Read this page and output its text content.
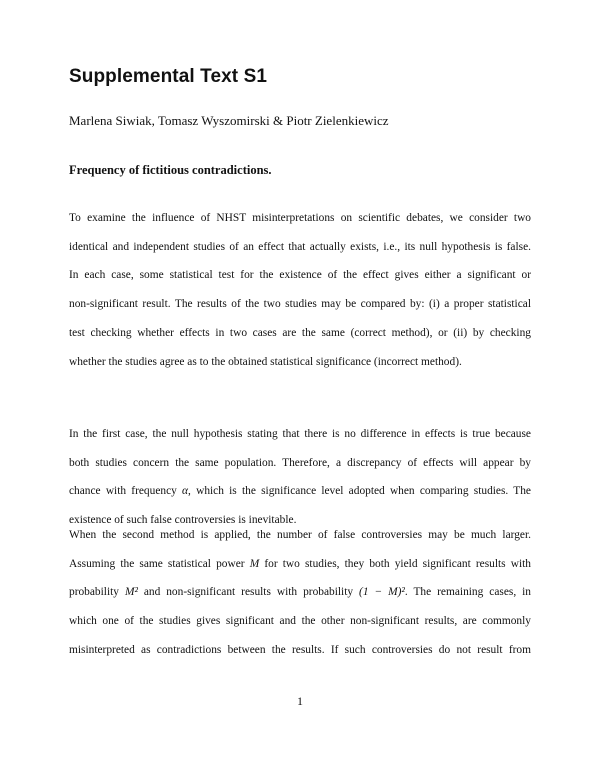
Supplemental Text S1
Marlena Siwiak, Tomasz Wyszomirski & Piotr Zielenkiewicz
Frequency of fictitious contradictions.
To examine the influence of NHST misinterpretations on scientific debates, we consider two
identical and independent studies of an effect that actually exists, i.e., its null hypothesis is false.
In each case, some statistical test for the existence of the effect gives either a significant or
non-significant result. The results of the two studies may be compared by: (i) a proper statistical
test checking whether effects in two cases are the same (correct method), or (ii) by checking
whether the studies agree as to the obtained statistical significance (incorrect method).
In the first case, the null hypothesis stating that there is no difference in effects is true because
both studies concern the same population. Therefore, a discrepancy of effects will appear by
chance with frequency α, which is the significance level adopted when comparing studies. The
existence of such false controversies is inevitable.
When the second method is applied, the number of false controversies may be much larger.
Assuming the same statistical power M for two studies, they both yield significant results with
probability M² and non-significant results with probability (1 − M)². The remaining cases, in
which one of the studies gives significant and the other non-significant results, are commonly
misinterpreted as contradictions between the results. If such controversies do not result from
1
